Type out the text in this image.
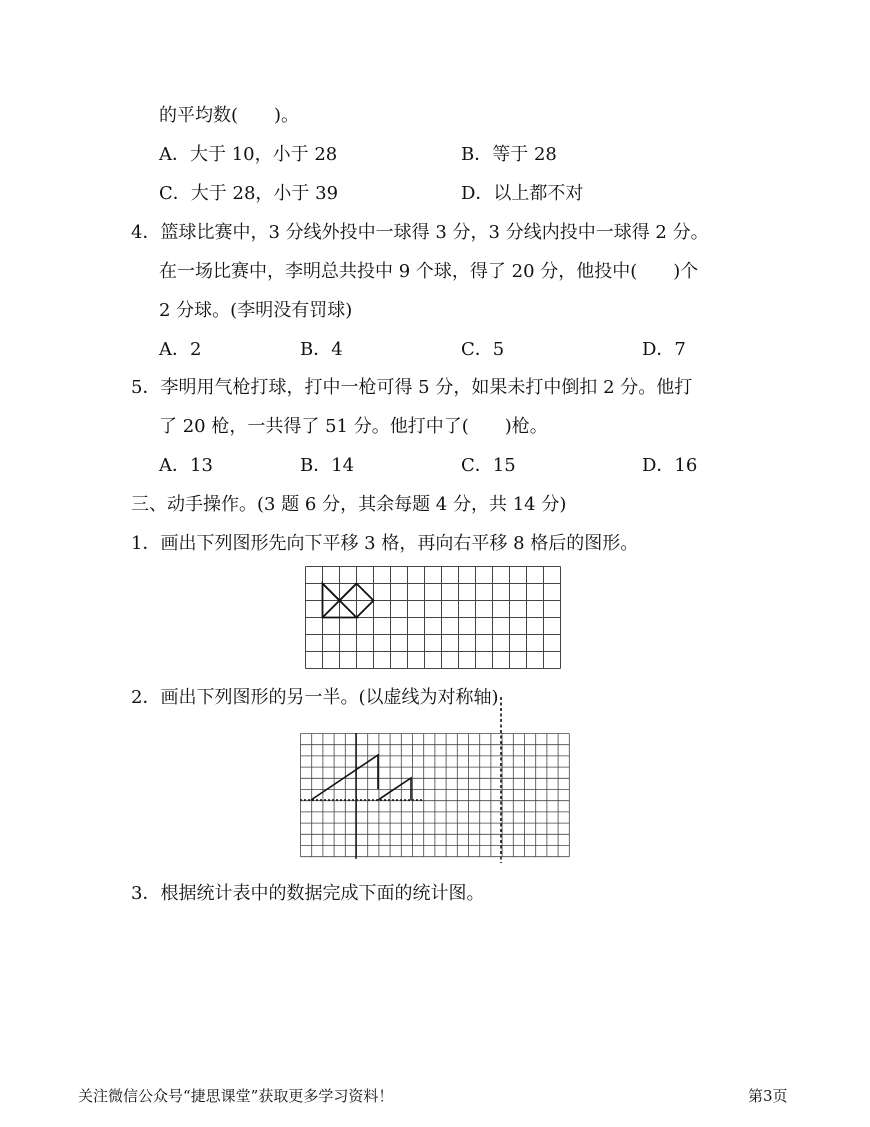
的平均数(　　)。
A．大于 10，小于 28	B．等于 28
C．大于 28，小于 39	D．以上都不对
4．篮球比赛中，3 分线外投中一球得 3 分，3 分线内投中一球得 2 分。
在一场比赛中，李明总共投中 9 个球，得了 20 分，他投中(　　)个
2 分球。(李明没有罚球)
A．2	B．4	C．5	D．7
5．李明用气枪打球，打中一枪可得 5 分，如果未打中倒扣 2 分。他打
了 20 枪，一共得了 51 分。他打中了(　　)枪。
A．13	B．14	C．15	D．16
三、动手操作。(3 题 6 分，其余每题 4 分，共 14 分)
1．画出下列图形先向下平移 3 格，再向右平移 8 格后的图形。
2．画出下列图形的另一半。(以虚线为对称轴)
3．根据统计表中的数据完成下面的统计图。
关注微信公众号“捷思课堂”获取更多学习资料！	第3页
